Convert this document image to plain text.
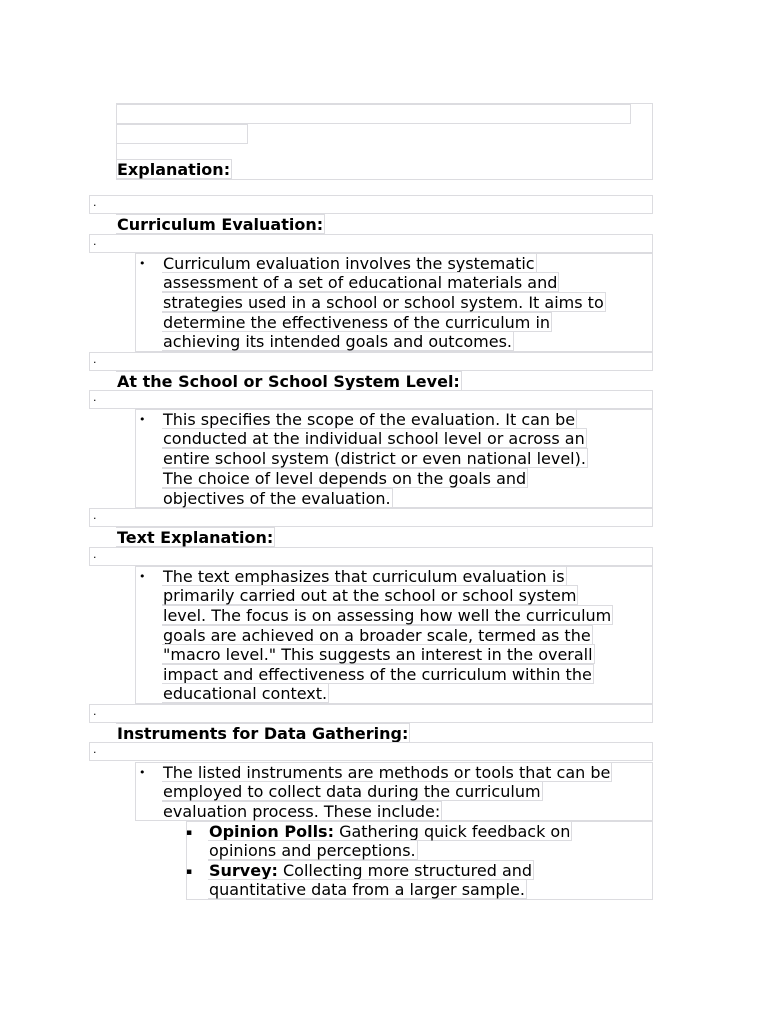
Explanation:
.
Curriculum Evaluation:
.
• Curriculum evaluation involves the systematic
assessment of a set of educational materials and
strategies used in a school or school system. It aims to
determine the effectiveness of the curriculum in
achieving its intended goals and outcomes.
.
At the School or School System Level:
.
• This specifies the scope of the evaluation. It can be
conducted at the individual school level or across an
entire school system (district or even national level).
The choice of level depends on the goals and
objectives of the evaluation.
.
Text Explanation:
.
• The text emphasizes that curriculum evaluation is
primarily carried out at the school or school system
level. The focus is on assessing how well the curriculum
goals are achieved on a broader scale, termed as the
"macro level." This suggests an interest in the overall
impact and effectiveness of the curriculum within the
educational context.
.
Instruments for Data Gathering:
.
• The listed instruments are methods or tools that can be
employed to collect data during the curriculum
evaluation process. These include:
▪ Opinion Polls: Gathering quick feedback on
opinions and perceptions.
▪ Survey: Collecting more structured and
quantitative data from a larger sample.
